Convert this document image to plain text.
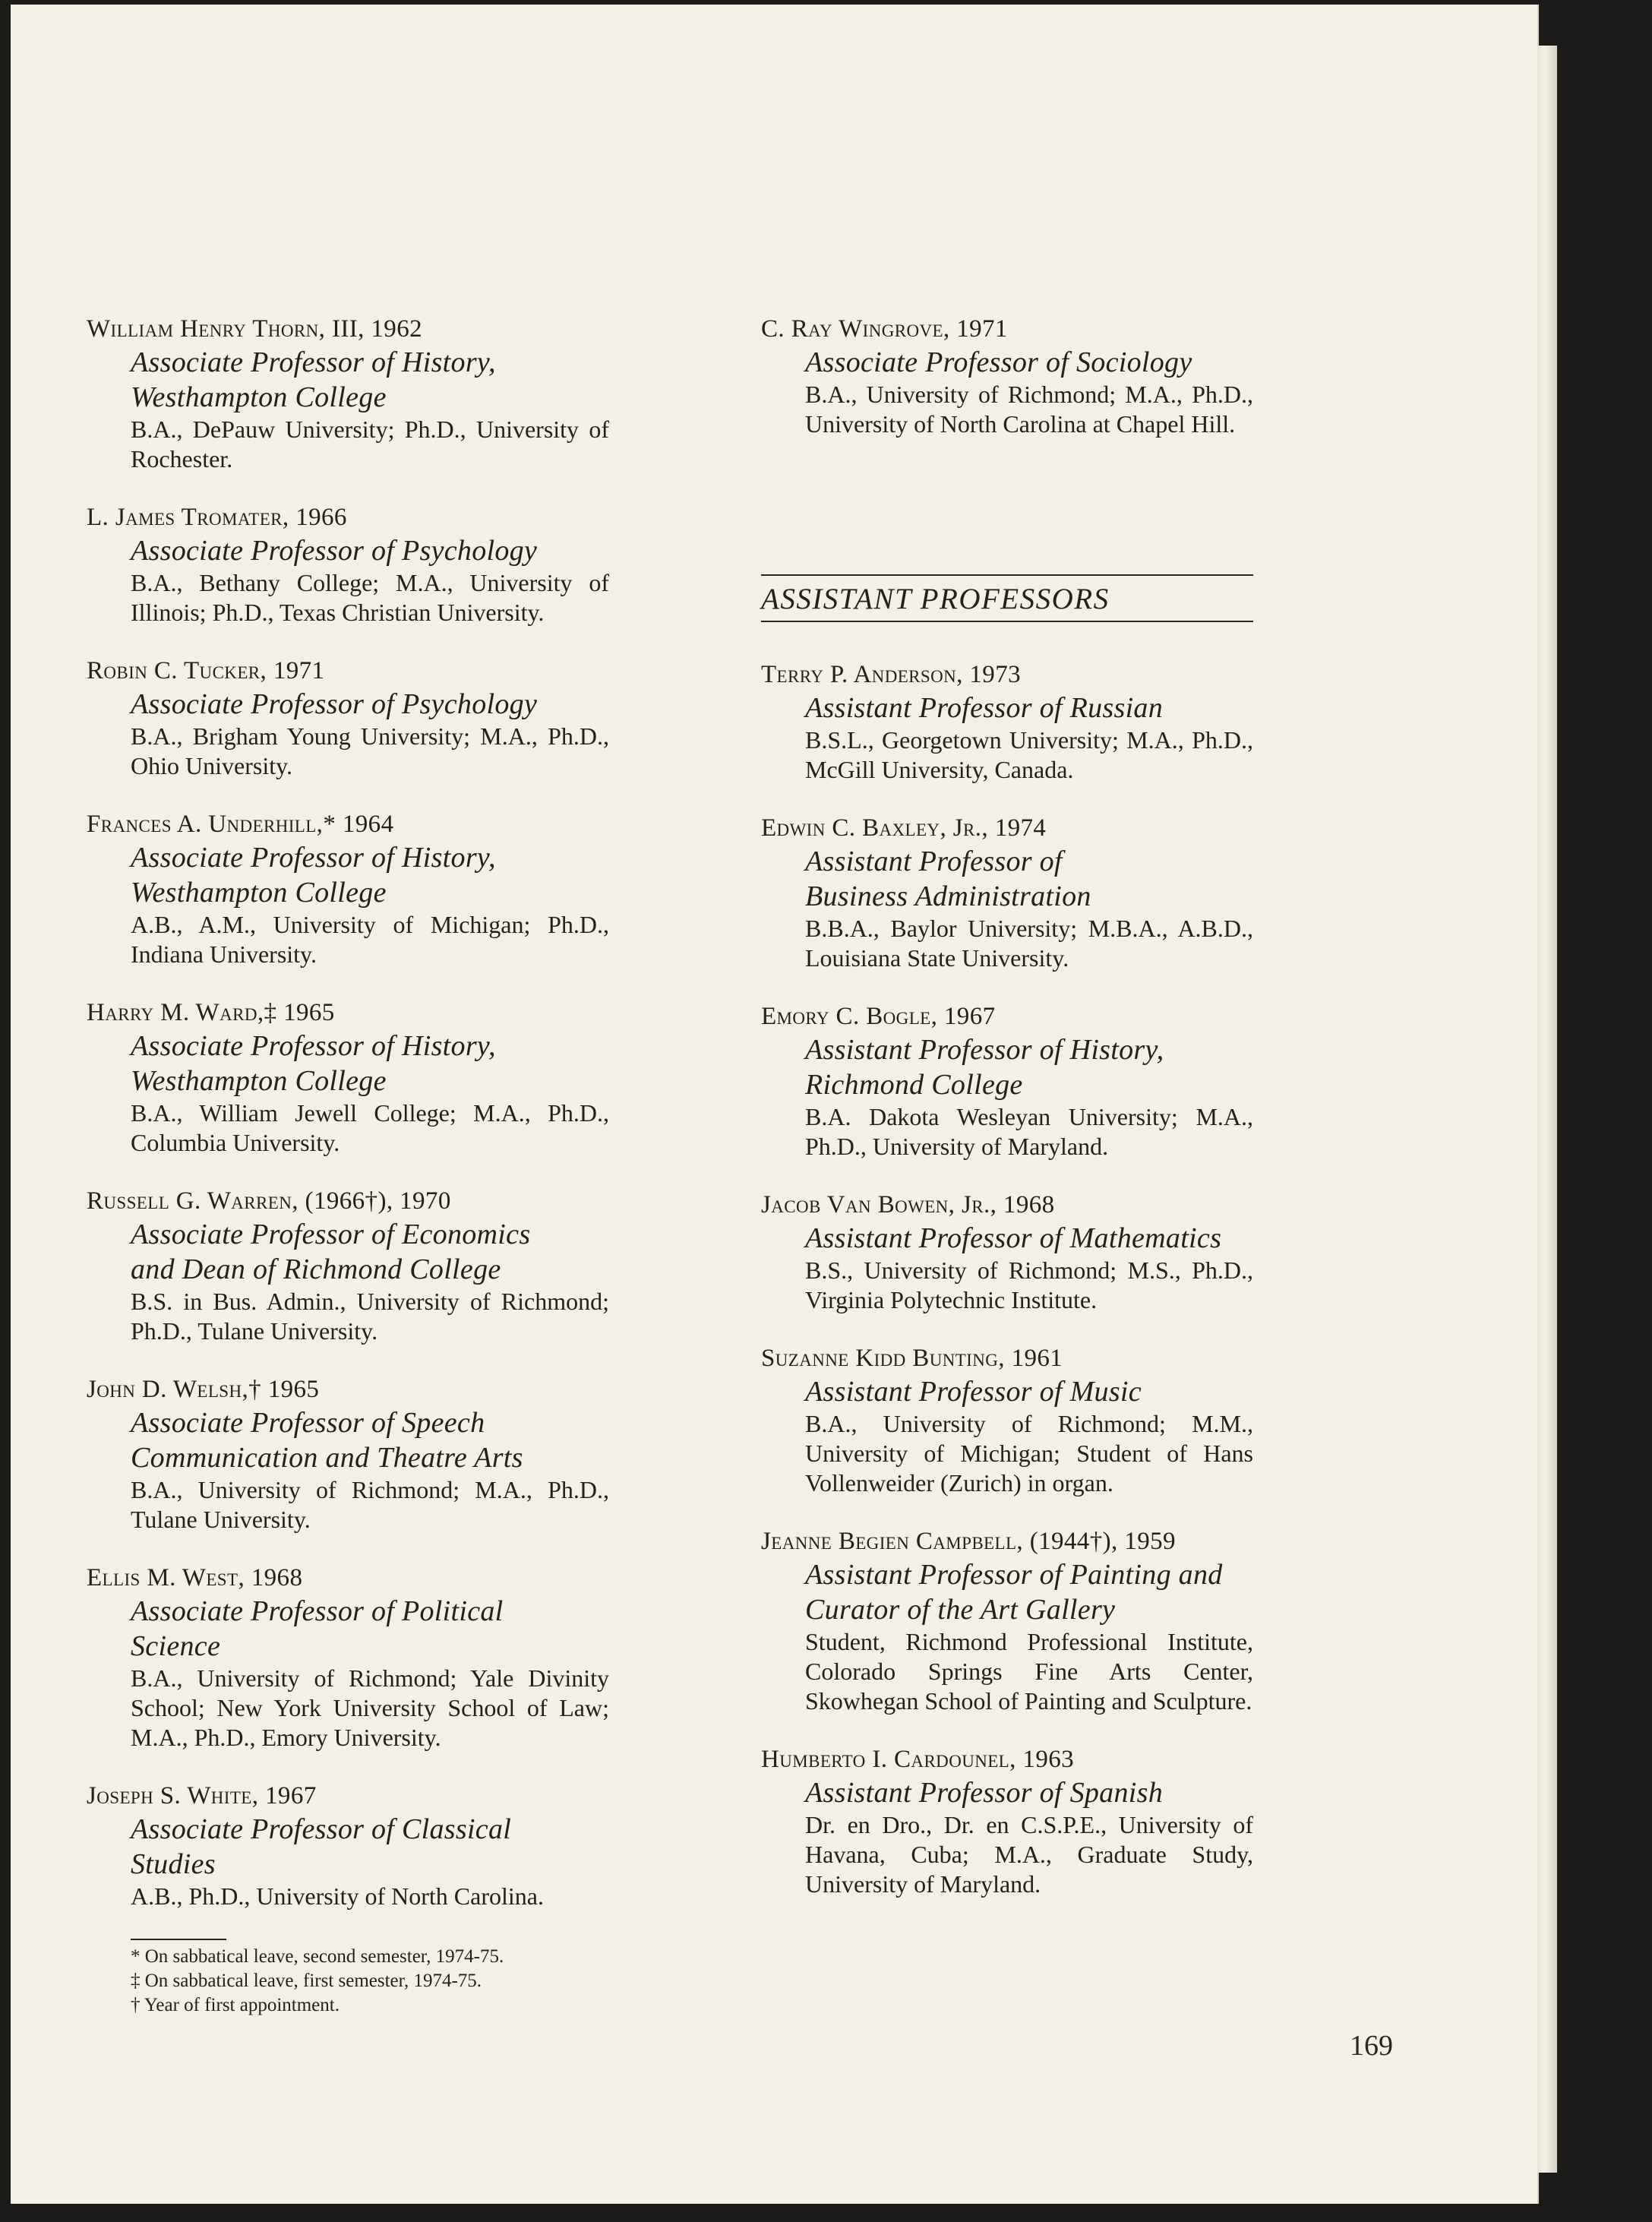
William Henry Thorn, III, 1962
Associate Professor of History,
Westhampton College
B.A., DePauw University; Ph.D., University of Rochester.
L. James Tromater, 1966
Associate Professor of Psychology
B.A., Bethany College; M.A., University of Illinois; Ph.D., Texas Christian University.
Robin C. Tucker, 1971
Associate Professor of Psychology
B.A., Brigham Young University; M.A., Ph.D., Ohio University.
Frances A. Underhill,* 1964
Associate Professor of History,
Westhampton College
A.B., A.M., University of Michigan; Ph.D., Indiana University.
Harry M. Ward,‡ 1965
Associate Professor of History,
Westhampton College
B.A., William Jewell College; M.A., Ph.D., Columbia University.
Russell G. Warren, (1966†), 1970
Associate Professor of Economics
and Dean of Richmond College
B.S. in Bus. Admin., University of Richmond; Ph.D., Tulane University.
John D. Welsh,† 1965
Associate Professor of Speech
Communication and Theatre Arts
B.A., University of Richmond; M.A., Ph.D., Tulane University.
Ellis M. West, 1968
Associate Professor of Political
Science
B.A., University of Richmond; Yale Divinity School; New York University School of Law; M.A., Ph.D., Emory University.
Joseph S. White, 1967
Associate Professor of Classical
Studies
A.B., Ph.D., University of North Carolina.
* On sabbatical leave, second semester, 1974-75.
‡ On sabbatical leave, first semester, 1974-75.
† Year of first appointment.
C. Ray Wingrove, 1971
Associate Professor of Sociology
B.A., University of Richmond; M.A., Ph.D., University of North Carolina at Chapel Hill.
ASSISTANT PROFESSORS
Terry P. Anderson, 1973
Assistant Professor of Russian
B.S.L., Georgetown University; M.A., Ph.D., McGill University, Canada.
Edwin C. Baxley, Jr., 1974
Assistant Professor of
Business Administration
B.B.A., Baylor University; M.B.A., A.B.D., Louisiana State University.
Emory C. Bogle, 1967
Assistant Professor of History,
Richmond College
B.A. Dakota Wesleyan University; M.A., Ph.D., University of Maryland.
Jacob Van Bowen, Jr., 1968
Assistant Professor of Mathematics
B.S., University of Richmond; M.S., Ph.D., Virginia Polytechnic Institute.
Suzanne Kidd Bunting, 1961
Assistant Professor of Music
B.A., University of Richmond; M.M., University of Michigan; Student of Hans Vollenweider (Zurich) in organ.
Jeanne Begien Campbell, (1944†), 1959
Assistant Professor of Painting and
Curator of the Art Gallery
Student, Richmond Professional Institute, Colorado Springs Fine Arts Center, Skowhegan School of Painting and Sculpture.
Humberto I. Cardounel, 1963
Assistant Professor of Spanish
Dr. en Dro., Dr. en C.S.P.E., University of Havana, Cuba; M.A., Graduate Study, University of Maryland.
169
